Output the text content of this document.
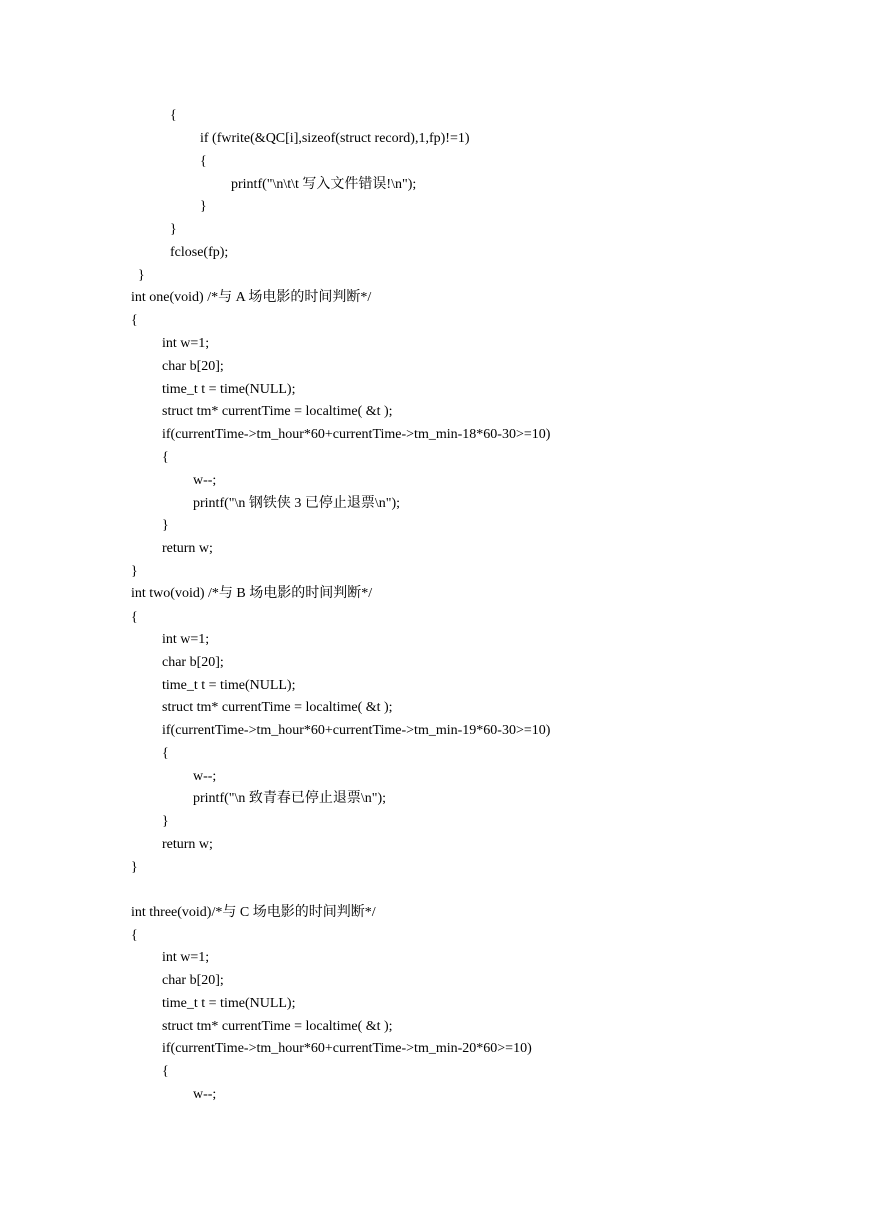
{
if (fwrite(&QC[i],sizeof(struct record),1,fp)!=1)
{
printf("\n\t\t 写入文件错误!\n");
}
}
fclose(fp);
}
int one(void) /*与 A 场电影的时间判断*/
{
int w=1;
char b[20];
time_t t = time(NULL);
struct tm* currentTime = localtime( &t );
if(currentTime->tm_hour*60+currentTime->tm_min-18*60-30>=10)
{
w--;
printf("\n 钢铁侠 3 已停止退票\n");
}
return w;
}
int two(void) /*与 B 场电影的时间判断*/
{
int w=1;
char b[20];
time_t t = time(NULL);
struct tm* currentTime = localtime( &t );
if(currentTime->tm_hour*60+currentTime->tm_min-19*60-30>=10)
{
w--;
printf("\n 致青春已停止退票\n");
}
return w;
}
int three(void)/*与 C 场电影的时间判断*/
{
int w=1;
char b[20];
time_t t = time(NULL);
struct tm* currentTime = localtime( &t );
if(currentTime->tm_hour*60+currentTime->tm_min-20*60>=10)
{
w--;
